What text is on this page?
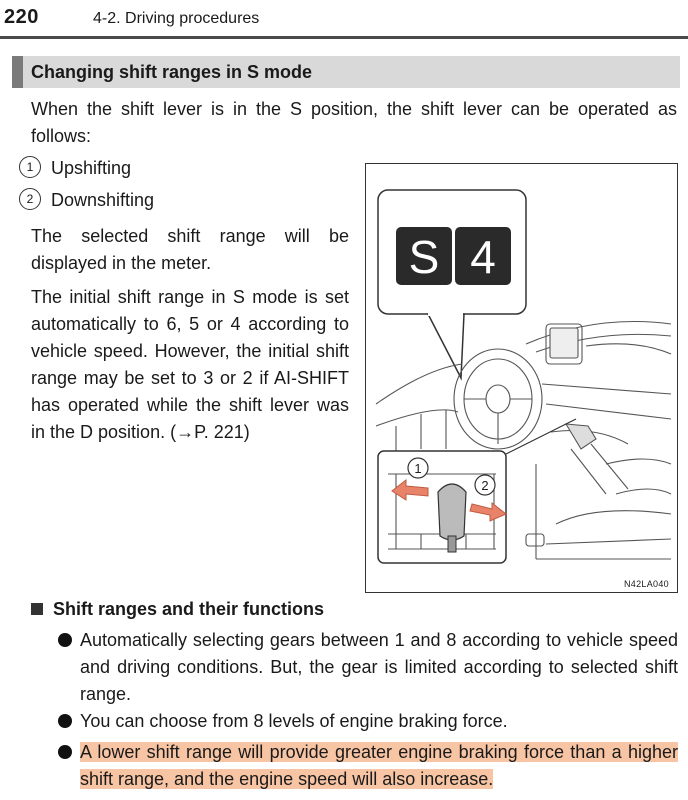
220	4-2. Driving procedures
Changing shift ranges in S mode
When the shift lever is in the S position, the shift lever can be operated as follows:
1 Upshifting
2 Downshifting
The selected shift range will be displayed in the meter.
The initial shift range in S mode is set automatically to 6, 5 or 4 according to vehicle speed. However, the initial shift range may be set to 3 or 2 if AI-SHIFT has operated while the shift lever was in the D position. (→P. 221)
S 4
1
2
N42LA040
Shift ranges and their functions
Automatically selecting gears between 1 and 8 according to vehicle speed and driving conditions. But, the gear is limited according to selected shift range.
You can choose from 8 levels of engine braking force.
A lower shift range will provide greater engine braking force than a higher shift range, and the engine speed will also increase.
